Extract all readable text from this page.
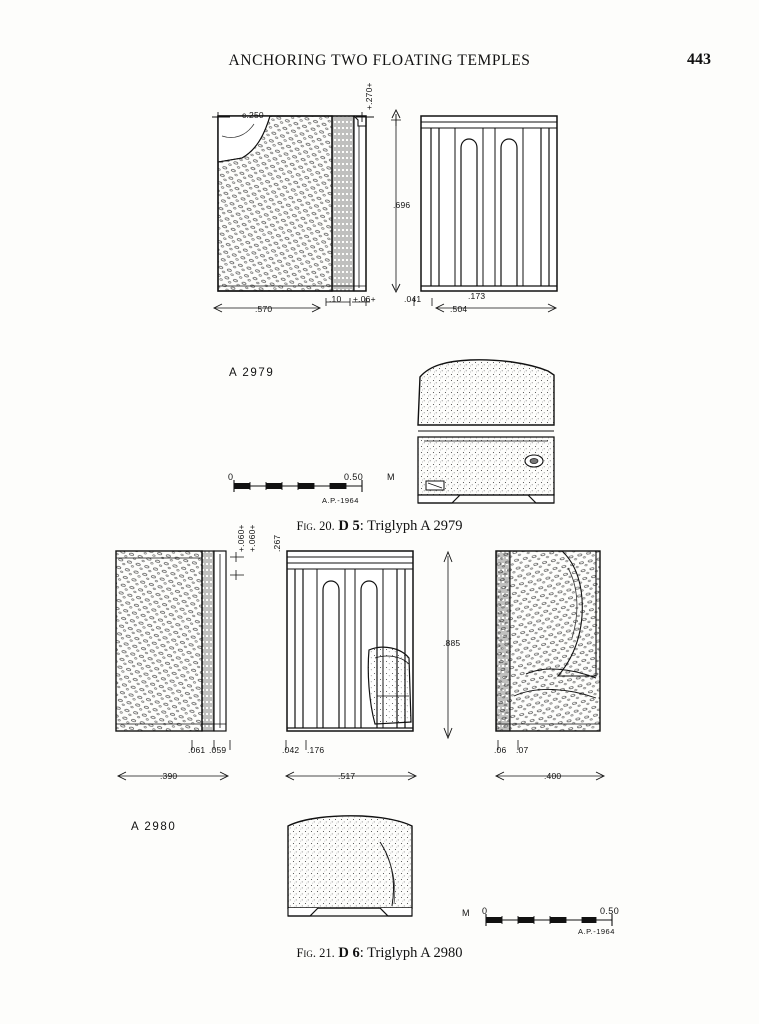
ANCHORING TWO FLOATING TEMPLES	443
c.250
+.270+
.696
.570
.10 +.06+	.041	.173
.504
A 2979
0	0.50	M
A.P.-1964
Fig. 20. D 5: Triglyph A 2979
+.060+ +.060+ .267
.885
.061 .059
.390
.042 .176
.517
.06 .07
.400
A 2980
M 0	0.50
A.P.-1964
Fig. 21. D 6: Triglyph A 2980
